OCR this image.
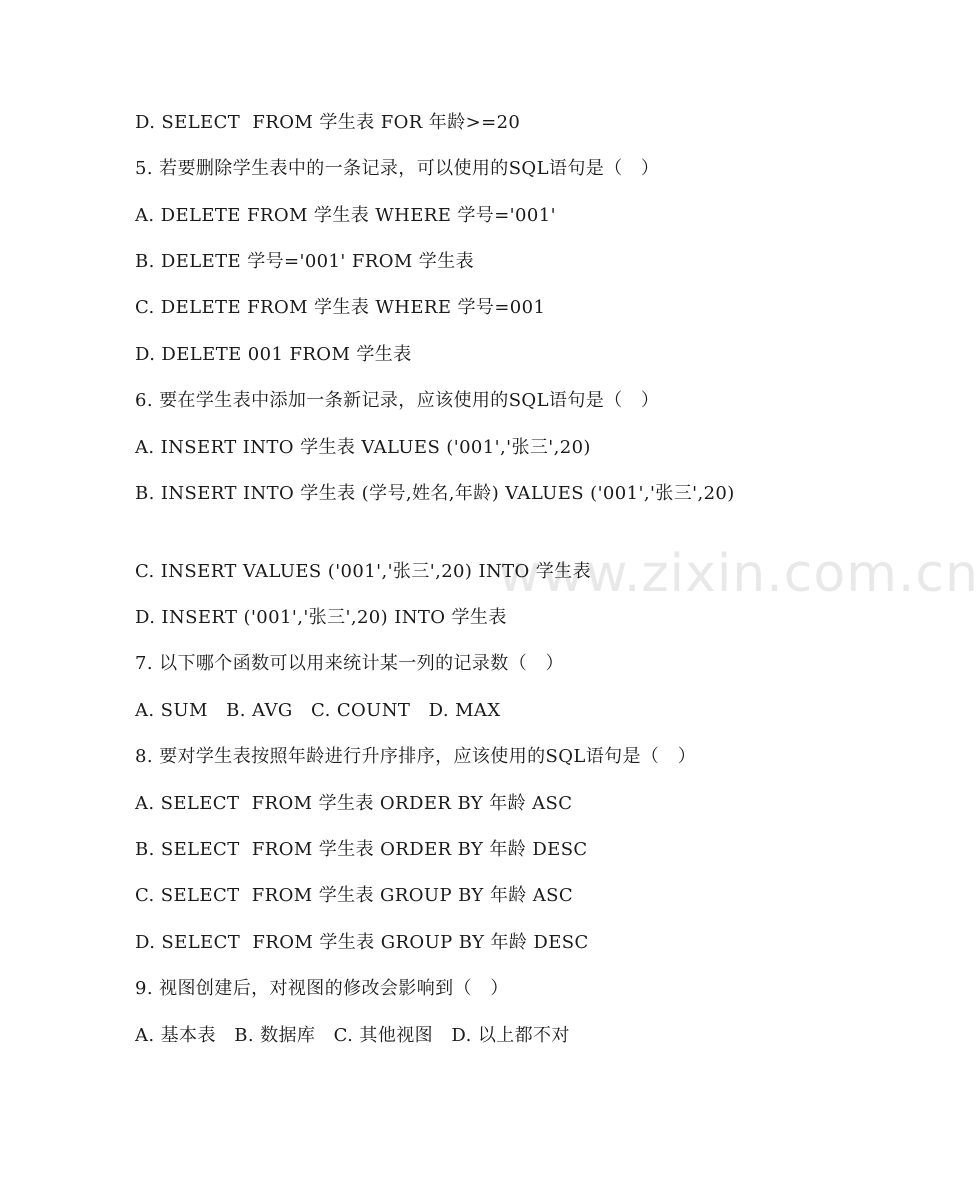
www.zixin.com.cn
D. SELECT  FROM 学生表 FOR 年龄>=20
5. 若要删除学生表中的一条记录，可以使用的SQL语句是（　）
A. DELETE FROM 学生表 WHERE 学号='001'
B. DELETE 学号='001' FROM 学生表
C. DELETE FROM 学生表 WHERE 学号=001
D. DELETE 001 FROM 学生表
6. 要在学生表中添加一条新记录，应该使用的SQL语句是（　）
A. INSERT INTO 学生表 VALUES ('001','张三',20)
B. INSERT INTO 学生表 (学号,姓名,年龄) VALUES ('001','张三',20)
C. INSERT VALUES ('001','张三',20) INTO 学生表
D. INSERT ('001','张三',20) INTO 学生表
7. 以下哪个函数可以用来统计某一列的记录数（　）
A. SUM   B. AVG   C. COUNT   D. MAX
8. 要对学生表按照年龄进行升序排序，应该使用的SQL语句是（　）
A. SELECT  FROM 学生表 ORDER BY 年龄 ASC
B. SELECT  FROM 学生表 ORDER BY 年龄 DESC
C. SELECT  FROM 学生表 GROUP BY 年龄 ASC
D. SELECT  FROM 学生表 GROUP BY 年龄 DESC
9. 视图创建后，对视图的修改会影响到（　）
A. 基本表   B. 数据库   C. 其他视图   D. 以上都不对
